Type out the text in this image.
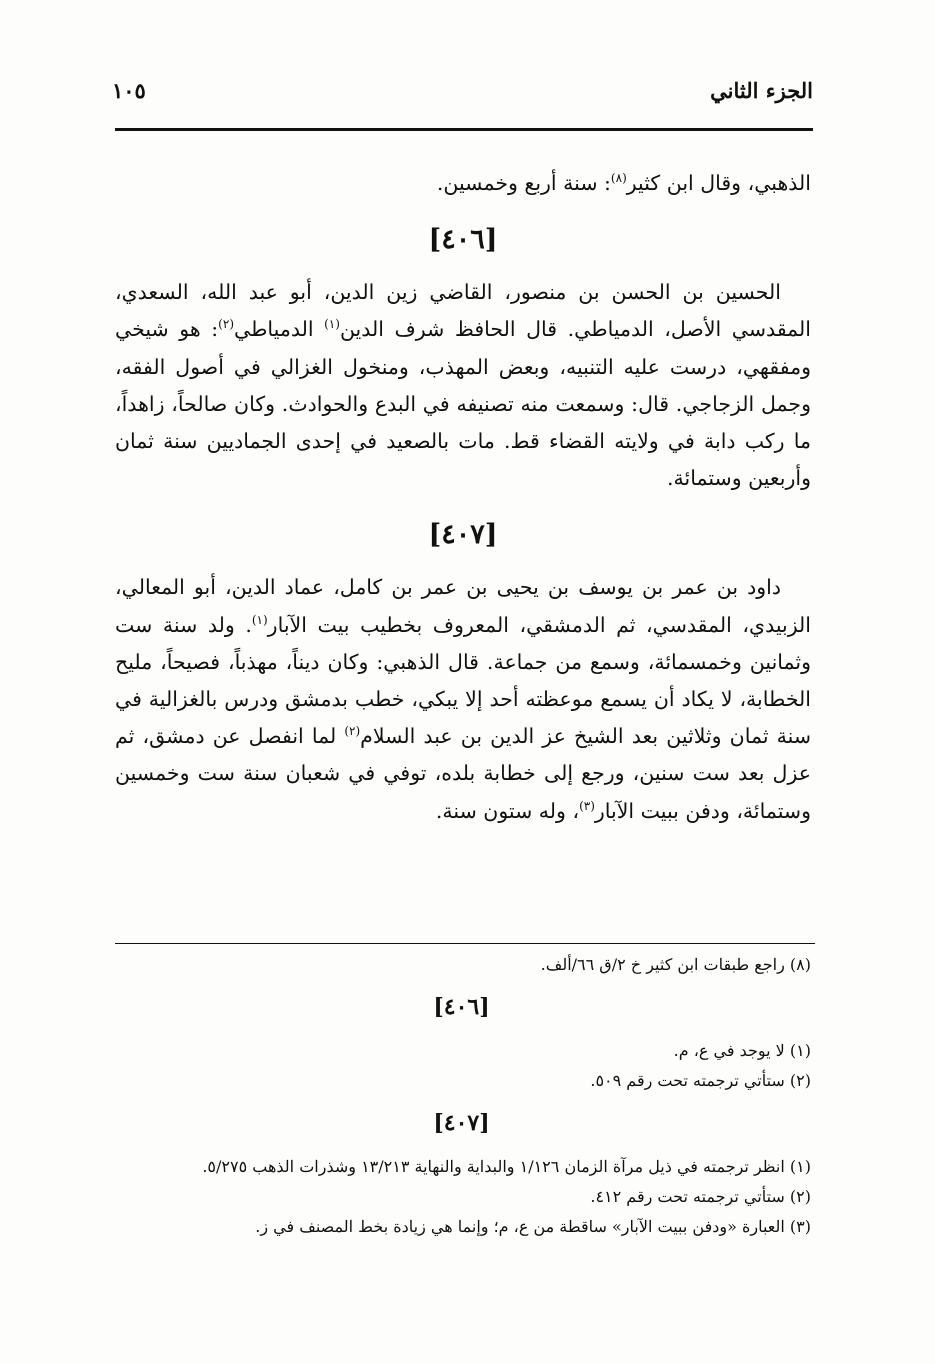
الجزء الثاني
١٠٥

الذهبي، وقال ابن كثير$^{(٨)}$: سنة أربع وخمسين.

[٤٠٦]

الحسين بن الحسن بن منصور، القاضي زين الدين، أبو عبد الله، السعدي، المقدسي الأصل، الدمياطي. قال الحافظ شرف الدين$^{(١)}$ الدمياطي$^{(٢)}$: هو شيخي ومفقهي، درست عليه التنبيه، وبعض المهذب، ومنخول الغزالي في أصول الفقه، وجمل الزجاجي. قال: وسمعت منه تصنيفه في البدع والحوادث. وكان صالحاً، زاهداً، ما ركب دابة في ولايته القضاء قط. مات بالصعيد في إحدى الجماديين سنة ثمان وأربعين وستمائة.

[٤٠٧]

داود بن عمر بن يوسف بن يحيى بن عمر بن كامل، عماد الدين، أبو المعالي، الزبيدي، المقدسي، ثم الدمشقي، المعروف بخطيب بيت الآبار$^{(١)}$. ولد سنة ست وثمانين وخمسمائة، وسمع من جماعة. قال الذهبي: وكان ديناً، مهذباً، فصيحاً، مليح الخطابة، لا يكاد أن يسمع موعظته أحد إلا يبكي، خطب بدمشق ودرس بالغزالية في سنة ثمان وثلاثين بعد الشيخ عز الدين بن عبد السلام$^{(٢)}$ لما انفصل عن دمشق، ثم عزل بعد ست سنين، ورجع إلى خطابة بلده، توفي في شعبان سنة ست وخمسين وستمائة، ودفن ببيت الآبار$^{(٣)}$، وله ستون سنة.

(٨) راجع طبقات ابن كثير خ ٢/ق ٦٦/ألف.

[٤٠٦]

(١) لا يوجد في ع، م.

(٢) ستأتي ترجمته تحت رقم ٥٠٩.

[٤٠٧]

(١) انظر ترجمته في ذيل مرآة الزمان ١/١٢٦ والبداية والنهاية ١٣/٢١٣ وشذرات الذهب ٥/٢٧٥.

(٢) ستأتي ترجمته تحت رقم ٤١٢.

(٣) العبارة «ودفن ببيت الآبار» ساقطة من ع، م؛ وإنما هي زيادة بخط المصنف في ز.
